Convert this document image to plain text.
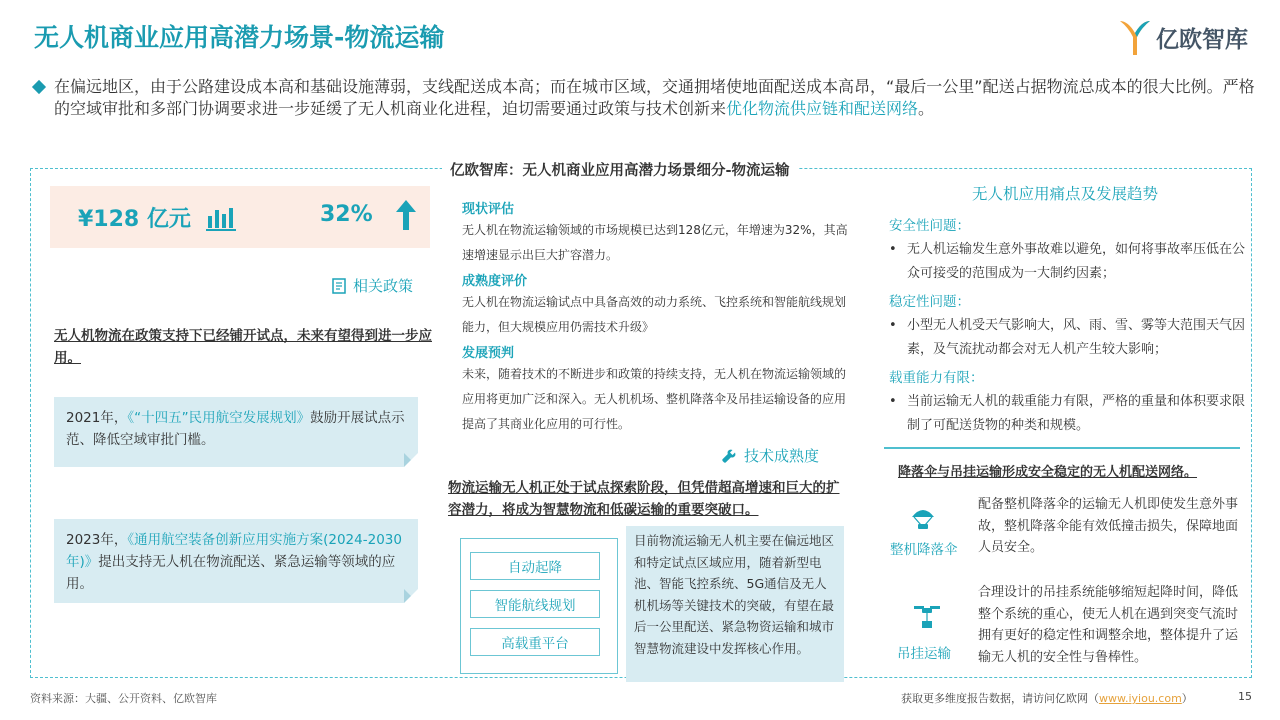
无人机商业应用高潜力场景-物流运输	亿欧智库
在偏远地区，由于公路建设成本高和基础设施薄弱，支线配送成本高；而在城市区域，交通拥堵使地面配送成本高昂，“最后一公里”配送占据物流总成本的很大比例。严格的空域审批和多部门协调要求进一步延缓了无人机商业化进程，迫切需要通过政策与技术创新来优化物流供应链和配送网络。
亿欧智库：无人机商业应用高潜力场景细分-物流运输
¥128 亿元	32%
相关政策
无人机物流在政策支持下已经铺开试点，未来有望得到进一步应用。
2021年，《“十四五”民用航空发展规划》鼓励开展试点示范、降低空域审批门槛。
2023年，《通用航空装备创新应用实施方案(2024-2030年)》提出支持无人机在物流配送、紧急运输等领域的应用。
现状评估
无人机在物流运输领域的市场规模已达到128亿元，年增速为32%，其高速增速显示出巨大扩容潜力。
成熟度评价
无人机在物流运输试点中具备高效的动力系统、飞控系统和智能航线规划能力，但大规模应用仍需技术升级》
发展预判
未来，随着技术的不断进步和政策的持续支持，无人机在物流运输领域的应用将更加广泛和深入。无人机机场、整机降落伞及吊挂运输设备的应用提高了其商业化应用的可行性。
技术成熟度
物流运输无人机正处于试点探索阶段，但凭借超高增速和巨大的扩容潜力，将成为智慧物流和低碳运输的重要突破口。
自动起降
智能航线规划
高载重平台
目前物流运输无人机主要在偏远地区和特定试点区域应用，随着新型电池、智能飞控系统、5G通信及无人机机场等关键技术的突破，有望在最后一公里配送、紧急物资运输和城市智慧物流建设中发挥核心作用。
无人机应用痛点及发展趋势
安全性问题：
• 无人机运输发生意外事故难以避免，如何将事故率压低在公众可接受的范围成为一大制约因素；
稳定性问题：
• 小型无人机受天气影响大，风、雨、雪、雾等大范围天气因素，及气流扰动都会对无人机产生较大影响；
载重能力有限：
• 当前运输无人机的载重能力有限，严格的重量和体积要求限制了可配送货物的种类和规模。
降落伞与吊挂运输形成安全稳定的无人机配送网络。
整机降落伞
配备整机降落伞的运输无人机即使发生意外事故，整机降落伞能有效低撞击损失，保障地面人员安全。
吊挂运输
合理设计的吊挂系统能够缩短起降时间，降低整个系统的重心，使无人机在遇到突变气流时拥有更好的稳定性和调整余地，整体提升了运输无人机的安全性与鲁棒性。
资料来源：大疆、公开资料、亿欧智库	获取更多维度报告数据，请访问亿欧网（www.iyiou.com）	15
